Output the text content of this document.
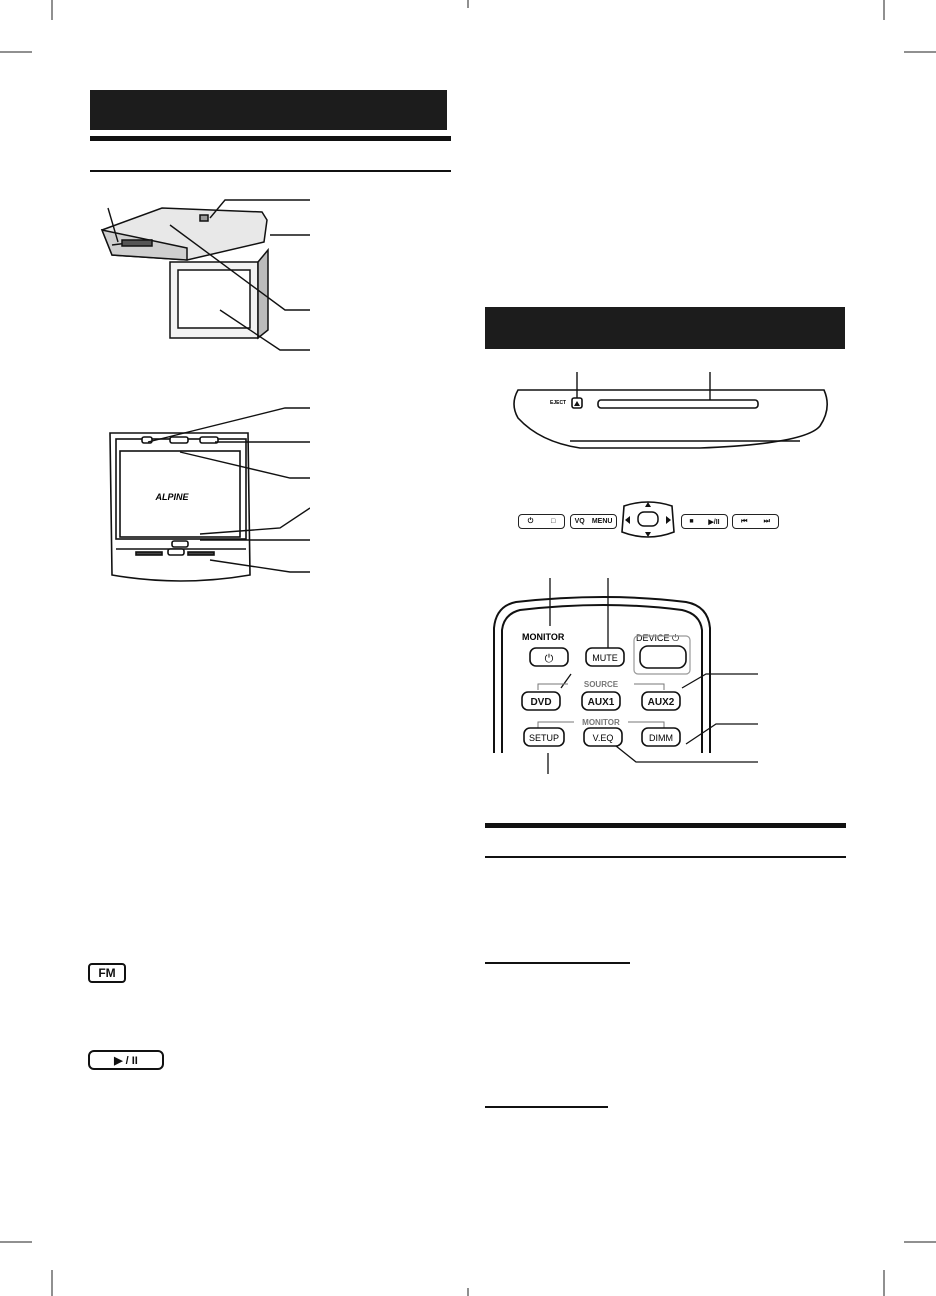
ALPINE
EJECT
⏻	□	VQ MENU	■ ▶/II	⏮ ⏭
MONITOR
⏻	MUTE
DEVICE ⏻
SOURCE
DVD	AUX1	AUX2
MONITOR
SETUP	V.EQ	DIMM
FM
▶ / II
